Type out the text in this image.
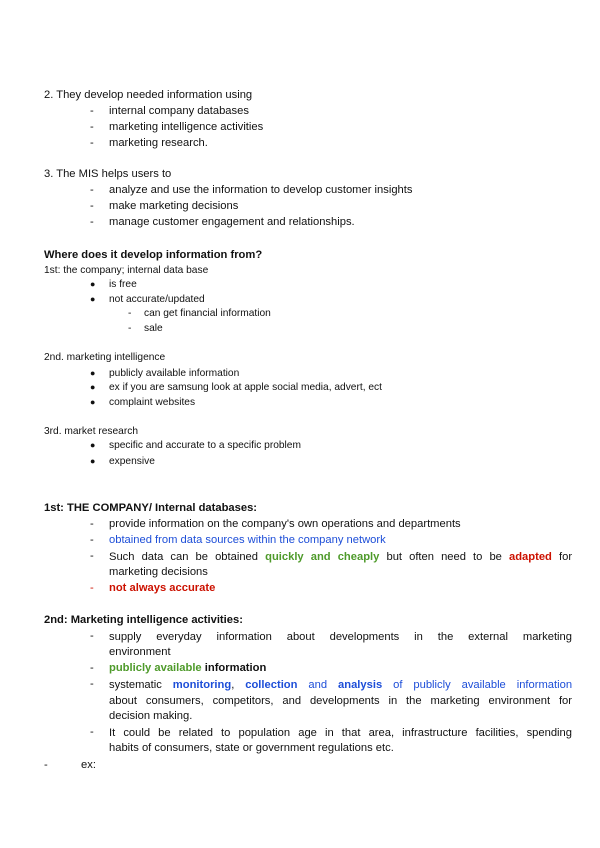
2. They develop needed information using
- internal company databases
- marketing intelligence activities
- marketing research.
3. The MIS helps users to
- analyze and use the information to develop customer insights
- make marketing decisions
- manage customer engagement and relationships.
Where does it develop information from?
1st: the company; internal data base
● is free
● not accurate/updated
- can get financial information
- sale
2nd. marketing intelligence
● publicly available information
● ex if you are samsung look at apple social media, advert, ect
● complaint websites
3rd. market research
● specific and accurate to a specific problem
● expensive
1st: THE COMPANY/ Internal databases:
- provide information on the company's own operations and departments
- obtained from data sources within the company network
- Such data can be obtained quickly and cheaply but often need to be adapted for
marketing decisions
- not always accurate
2nd: Marketing intelligence activities:
- supply everyday information about developments in the external marketing
environment
- publicly available information
- systematic monitoring, collection and analysis of publicly available information
about consumers, competitors, and developments in the marketing environment for
decision making.
- It could be related to population age in that area, infrastructure facilities, spending
habits of consumers, state or government regulations etc.
-	ex:
